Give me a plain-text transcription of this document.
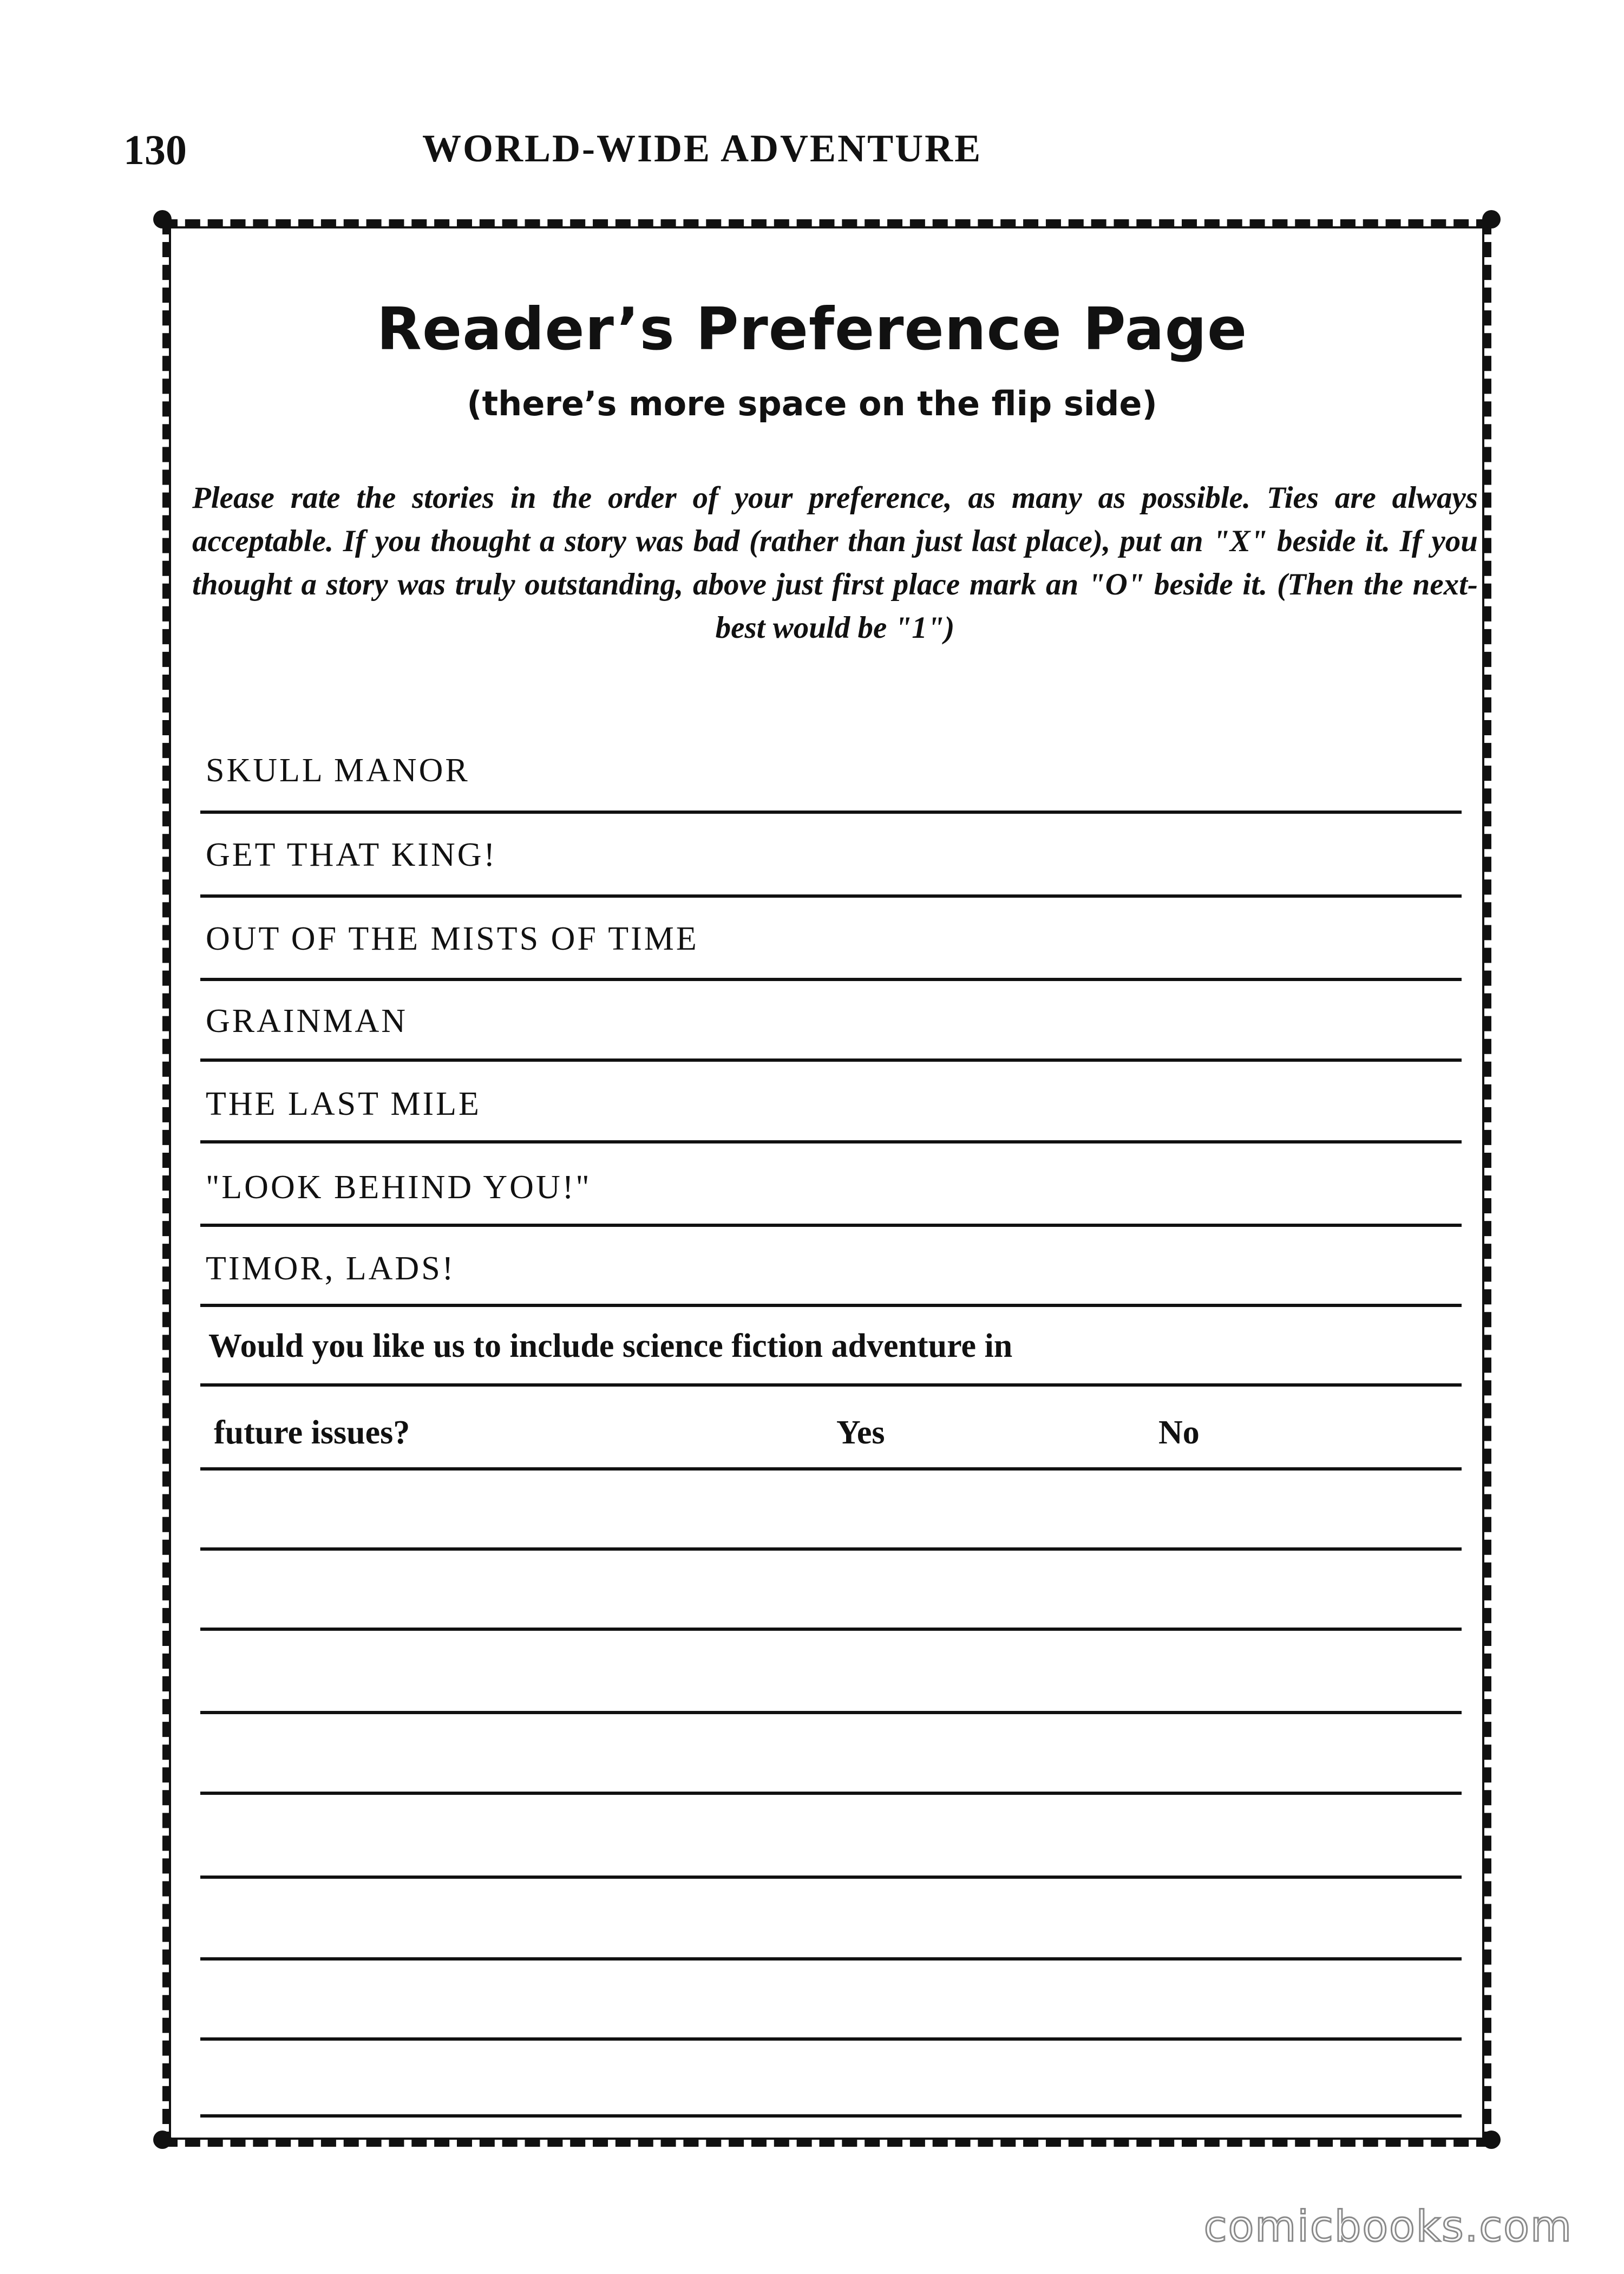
130	WORLD-WIDE ADVENTURE
Reader’s Preference Page
(there’s more space on the flip side)
Please rate the stories in the order of your preference, as many as possible. Ties are always acceptable. If you thought a story was bad (rather than just last place), put an "X" beside it. If you thought a story was truly outstanding, above just first place mark an "O" beside it. (Then the next-best would be "1")
SKULL MANOR
GET THAT KING!
OUT OF THE MISTS OF TIME
GRAINMAN
THE LAST MILE
"LOOK BEHIND YOU!"
TIMOR, LADS!
Would you like us to include science fiction adventure in
future issues?	Yes	No
comicbooks.com
